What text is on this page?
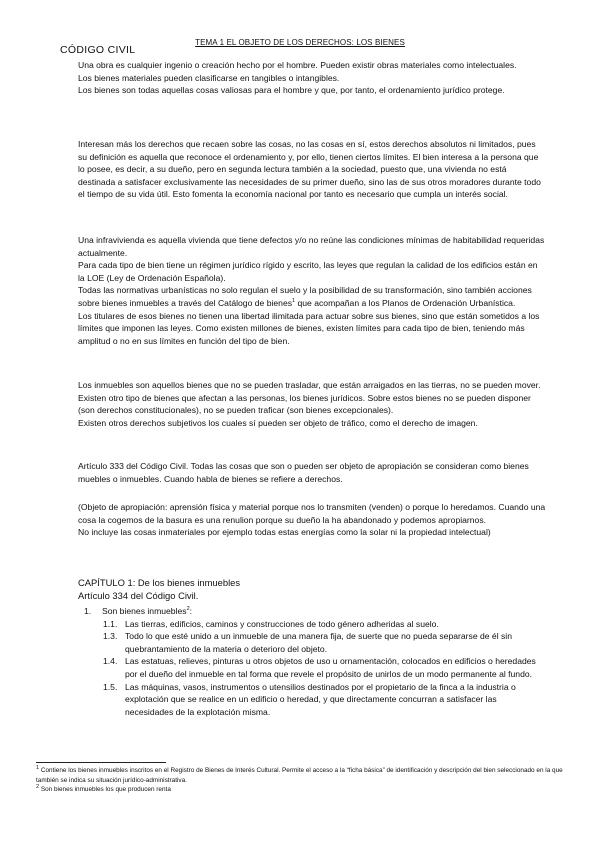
TEMA 1 EL OBJETO DE LOS DERECHOS: LOS BIENES
CÓDIGO CIVIL

Una obra es cualquier ingenio o creación hecho por el hombre. Pueden existir obras materiales como intelectuales.

Los bienes materiales pueden clasificarse en tangibles o intangibles.

Los bienes son todas aquellas cosas valiosas para el hombre y que, por tanto, el ordenamiento jurídico protege.

Interesan más los derechos que recaen sobre las cosas, no las cosas en sí, estos derechos absolutos ni limitados, pues su definición es aquella que reconoce el ordenamiento y, por ello, tienen ciertos límites. El bien interesa a la persona que lo posee, es decir, a su dueño, pero en segunda lectura también a la sociedad, puesto que, una vivienda no está destinada a satisfacer exclusivamente las necesidades de su primer dueño, sino las de sus otros moradores durante todo el tiempo de su vida útil. Esto fomenta la economía nacional por tanto es necesario que cumpla un interés social.

Una infravivienda es aquella vivienda que tiene defectos y/o no reúne las condiciones mínimas de habitabilidad requeridas actualmente.

Para cada tipo de bien tiene un régimen jurídico rígido y escrito, las leyes que regulan la calidad de los edificios están en la LOE (Ley de Ordenación Española).

Todas las normativas urbanísticas no solo regulan el suelo y la posibilidad de su transformación, sino también acciones sobre bienes inmuebles a través del Catálogo de bienes$^1$ que acompañan a los Planos de Ordenación Urbanística.

Los titulares de esos bienes no tienen una libertad ilimitada para actuar sobre sus bienes, sino que están sometidos a los límites que imponen las leyes. Como existen millones de bienes, existen límites para cada tipo de bien, teniendo más amplitud o no en sus límites en función del tipo de bien.

Los inmuebles son aquellos bienes que no se pueden trasladar, que están arraigados en las tierras, no se pueden mover. Existen otro tipo de bienes que afectan a las personas, los bienes jurídicos. Sobre estos bienes no se pueden disponer (son derechos constitucionales), no se pueden traficar (son bienes excepcionales).

Existen otros derechos subjetivos los cuales sí pueden ser objeto de tráfico, como el derecho de imagen.

Artículo 333 del Código Civil. Todas las cosas que son o pueden ser objeto de apropiación se consideran como bienes muebles o inmuebles. Cuando habla de bienes se refiere a derechos.

(Objeto de apropiación: aprensión física y material porque nos lo transmiten (venden) o porque lo heredamos. Cuando una cosa la cogemos de la basura es una renulion porque su dueño la ha abandonado y podemos apropiarnos.

No incluye las cosas inmateriales por ejemplo todas estas energías como la solar ni la propiedad intelectual)

CAPÍTULO 1: De los bienes inmuebles

Artículo 334 del Código Civil.

1.	Son bienes inmuebles$^2$:
1.1. Las tierras, edificios, caminos y construcciones de todo género adheridas al suelo.
1.3. Todo lo que esté unido a un inmueble de una manera fija, de suerte que no pueda separarse de él sin quebrantamiento de la materia o deterioro del objeto.
1.4. Las estatuas, relieves, pinturas u otros objetos de uso u ornamentación, colocados en edificios o heredades por el dueño del inmueble en tal forma que revele el propósito de unirlos de un modo permanente al fundo.
1.5. Las máquinas, vasos, instrumentos o utensilios destinados por el propietario de la finca a la industria o explotación que se realice en un edificio o heredad, y que directamente concurran a satisfacer las necesidades de la explotación misma.

$^1$ Contiene los bienes inmuebles inscritos en el Registro de Bienes de Interés Cultural. Permite el acceso a la “ficha básica” de identificación y descripción del bien seleccionado en la que también se indica su situación jurídico-administrativa.

$^2$ Son bienes inmuebles los que producen renta
